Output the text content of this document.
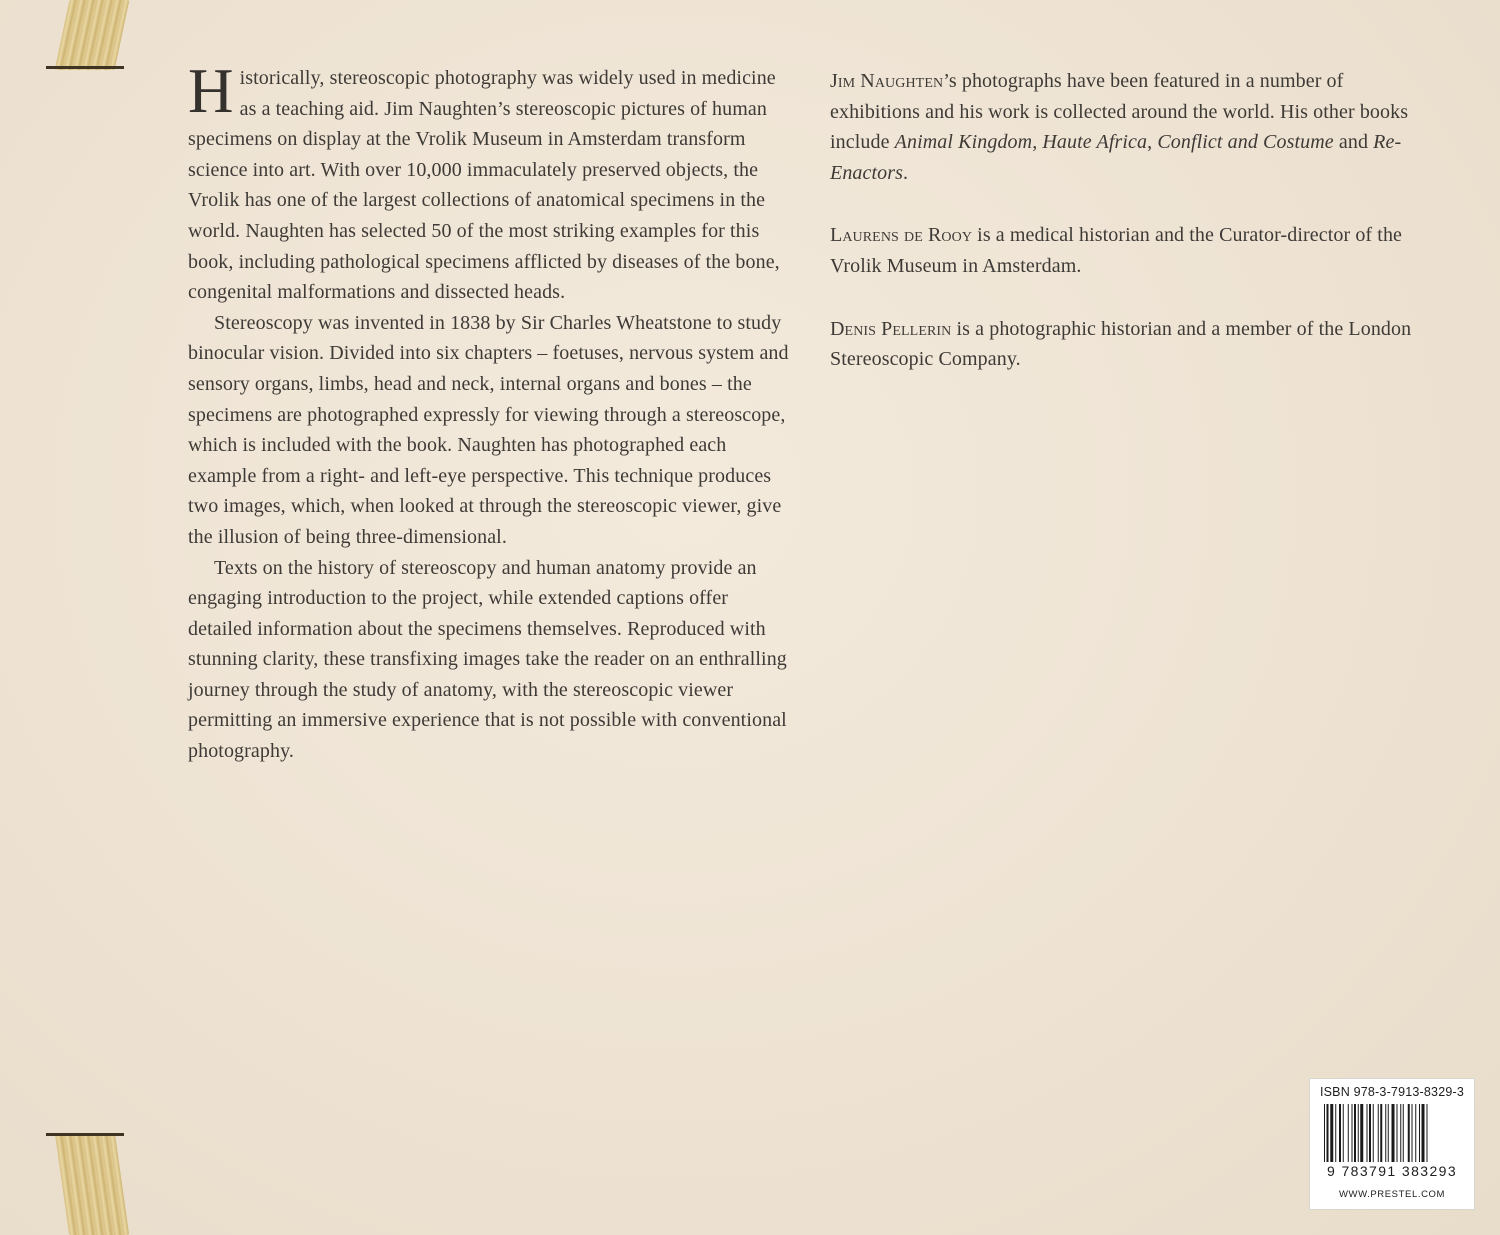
Historically, stereoscopic photography was widely used in medicine as a teaching aid. Jim Naughten’s stereoscopic pictures of human specimens on display at the Vrolik Museum in Amsterdam transform science into art. With over 10,000 immaculately preserved objects, the Vrolik has one of the largest collections of anatomical specimens in the world. Naughten has selected 50 of the most striking examples for this book, including pathological specimens afflicted by diseases of the bone, congenital malformations and dissected heads.

Stereoscopy was invented in 1838 by Sir Charles Wheatstone to study binocular vision. Divided into six chapters – foetuses, nervous system and sensory organs, limbs, head and neck, internal organs and bones – the specimens are photographed expressly for viewing through a stereoscope, which is included with the book. Naughten has photographed each example from a right- and left-eye perspective. This technique produces two images, which, when looked at through the stereoscopic viewer, give the illusion of being three-dimensional.

Texts on the history of stereoscopy and human anatomy provide an engaging introduction to the project, while extended captions offer detailed information about the specimens themselves. Reproduced with stunning clarity, these transfixing images take the reader on an enthralling journey through the study of anatomy, with the stereoscopic viewer permitting an immersive experience that is not possible with conventional photography.

Jim Naughten’s photographs have been featured in a number of exhibitions and his work is collected around the world. His other books include Animal Kingdom, Haute Africa, Conflict and Costume and Re-Enactors.

Laurens de Rooy is a medical historian and the Curator-director of the Vrolik Museum in Amsterdam.

Denis Pellerin is a photographic historian and a member of the London Stereoscopic Company.

ISBN 978-3-7913-8329-3
9 783791 383293
WWW.PRESTEL.COM
